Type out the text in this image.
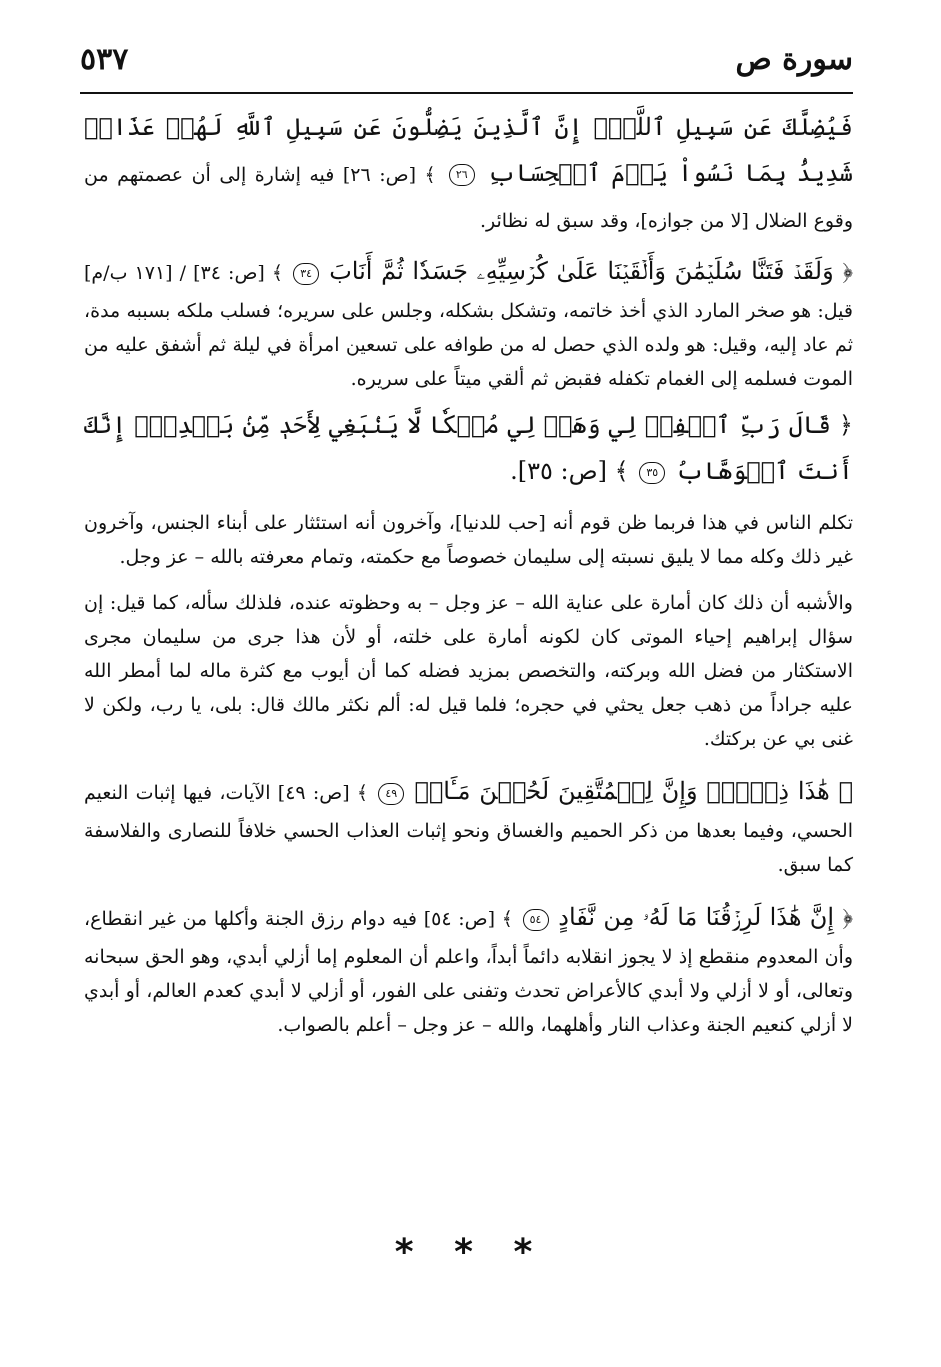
سورة ص
٥٣٧

فَيُضِلَّكَ عَن سَبِيلِ ٱللَّهِۚ إِنَّ ٱلَّذِينَ يَضِلُّونَ عَن سَبِيلِ ٱللَّهِ لَهُمۡ عَذَابٞ شَدِيدُۢ بِمَا نَسُواْ يَوۡمَ ٱلۡحِسَابِ ٢٦ ﴾ [ص: ٢٦] فيه إشارة إلى أن عصمتهم من وقوع الضلال [لا من جوازه]، وقد سبق له نظائر.

﴿ وَلَقَدۡ فَتَنَّا سُلَيۡمَٰنَ وَأَلۡقَيۡنَا عَلَىٰ كُرۡسِيِّهِۦ جَسَدٗا ثُمَّ أَنَابَ ٣٤ ﴾ [ص: ٣٤] / [١٧١ ب/م] قيل: هو صخر المارد الذي أخذ خاتمه، وتشكل بشكله، وجلس على سريره؛ فسلب ملكه بسببه مدة، ثم عاد إليه، وقيل: هو ولده الذي حصل له من طوافه على تسعين امرأة في ليلة ثم أشفق عليه من الموت فسلمه إلى الغمام تكفله فقبض ثم ألقي ميتاً على سريره.

﴿ قَالَ رَبِّ ٱغۡفِرۡ لِي وَهَبۡ لِي مُلۡكٗا لَّا يَنۢبَغِي لِأَحَدٖ مِّنۢ بَعۡدِيٓۖ إِنَّكَ أَنتَ ٱلۡوَهَّابُ ٣٥ ﴾ [ص: ٣٥].

تكلم الناس في هذا فربما ظن قوم أنه [حب للدنيا]، وآخرون أنه استئثار على أبناء الجنس، وآخرون غير ذلك وكله مما لا يليق نسبته إلى سليمان خصوصاً مع حكمته، وتمام معرفته بالله – عز وجل.

والأشبه أن ذلك كان أمارة على عناية الله – عز وجل – به وحظوته عنده، فلذلك سأله، كما قيل: إن سؤال إبراهيم إحياء الموتى كان لكونه أمارة على خلته، أو لأن هذا جرى من سليمان مجرى الاستكثار من فضل الله وبركته، والتخصص بمزيد فضله كما أن أيوب مع كثرة ماله لما أمطر الله عليه جراداً من ذهب جعل يحثي في حجره؛ فلما قيل له: ألم نكثر مالك قال: بلى، يا رب، ولكن لا غنى بي عن بركتك.

﴿ هَٰذَا ذِكۡرٞۚ وَإِنَّ لِلۡمُتَّقِينَ لَحُسۡنَ مَـَٔابٖ ٤٩ ﴾ [ص: ٤٩] الآيات، فيها إثبات النعيم الحسي، وفيما بعدها من ذكر الحميم والغساق ونحو إثبات العذاب الحسي خلافاً للنصارى والفلاسفة كما سبق.

﴿ إِنَّ هَٰذَا لَرِزۡقُنَا مَا لَهُۥ مِن نَّفَادٍ ٥٤ ﴾ [ص: ٥٤] فيه دوام رزق الجنة وأكلها من غير انقطاع، وأن المعدوم منقطع إذ لا يجوز انقلابه دائماً أبداً، واعلم أن المعلوم إما أزلي أبدي، وهو الحق سبحانه وتعالى، أو لا أزلي ولا أبدي كالأعراض تحدث وتفنى على الفور، أو أزلي لا أبدي كعدم العالم، أو أبدي لا أزلي كنعيم الجنة وعذاب النار وأهلهما، والله – عز وجل – أعلم بالصواب.

* * *
